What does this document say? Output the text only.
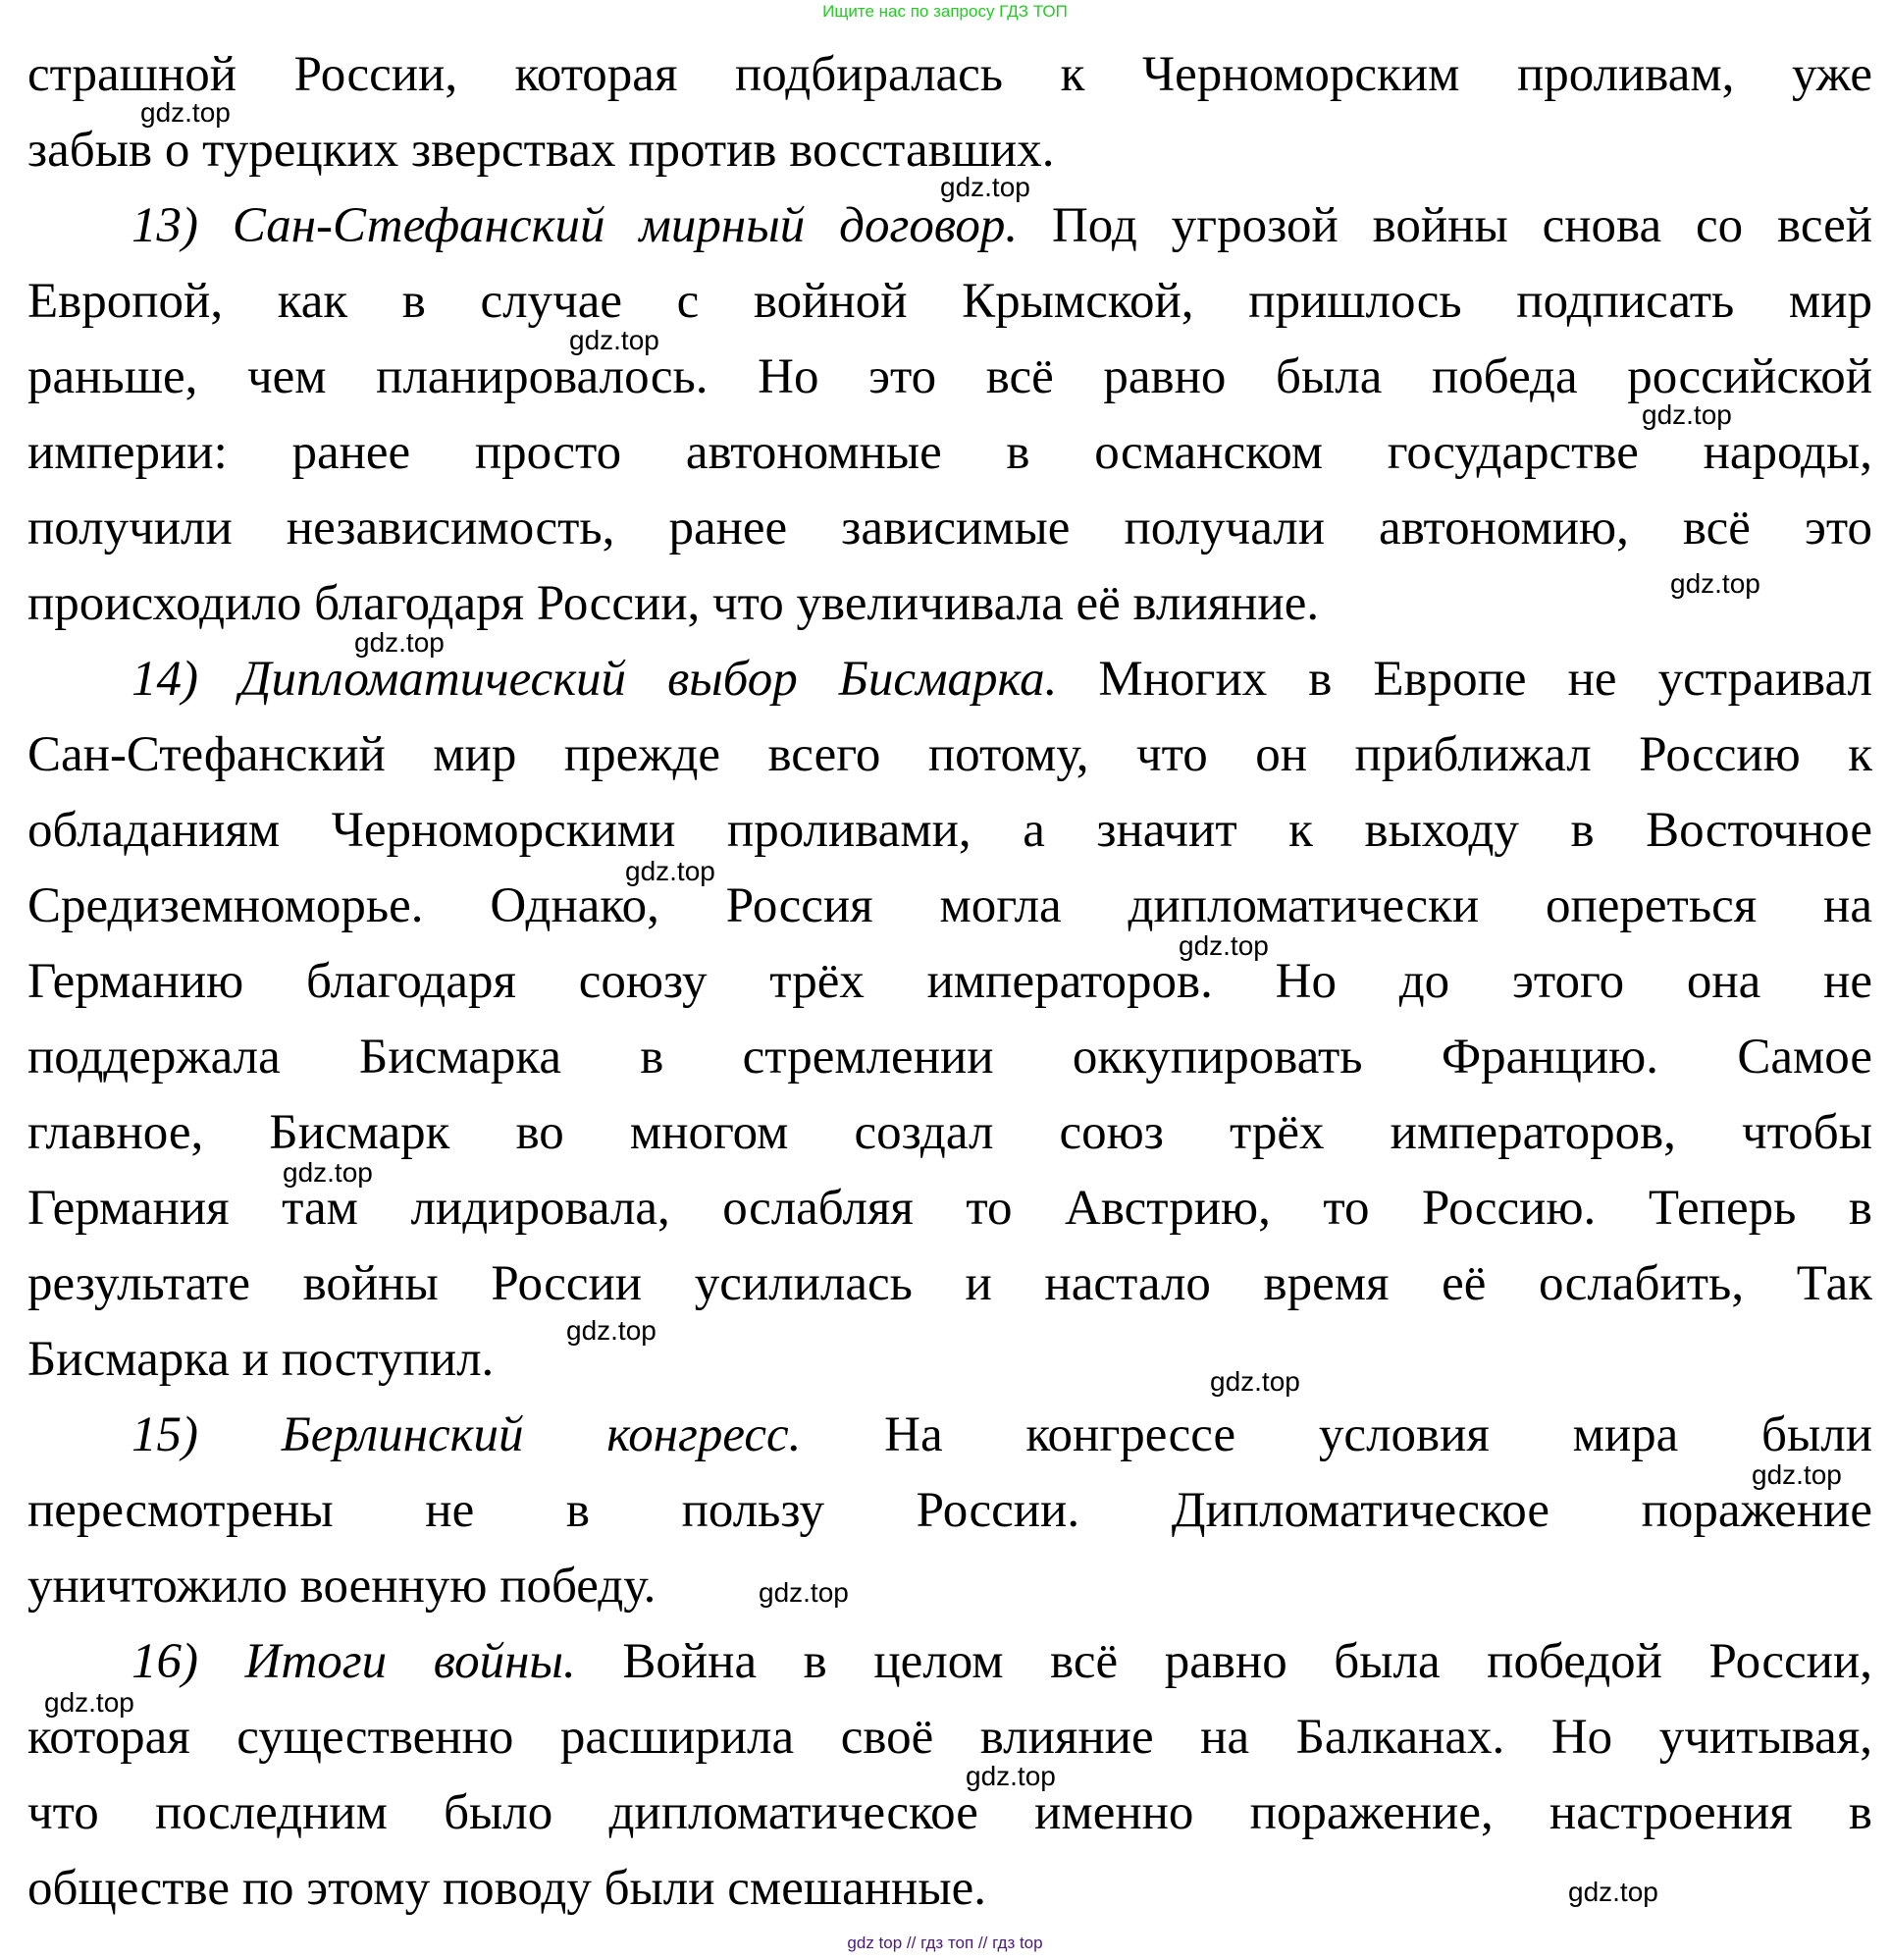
Ищите нас по запросу ГДЗ ТОП
страшной России, которая подбиралась к Черноморским проливам, уже
забыв о турецких зверствах против восставших.
13) Сан-Стефанский мирный договор. Под угрозой войны снова со всей
Европой, как в случае с войной Крымской, пришлось подписать мир
раньше, чем планировалось. Но это всё равно была победа российской
империи: ранее просто автономные в османском государстве народы,
получили независимость, ранее зависимые получали автономию, всё это
происходило благодаря России, что увеличивала её влияние.
14) Дипломатический выбор Бисмарка. Многих в Европе не устраивал
Сан-Стефанский мир прежде всего потому, что он приближал Россию к
обладаниям Черноморскими проливами, а значит к выходу в Восточное
Средиземноморье. Однако, Россия могла дипломатически опереться на
Германию благодаря союзу трёх императоров. Но до этого она не
поддержала Бисмарка в стремлении оккупировать Францию. Самое
главное, Бисмарк во многом создал союз трёх императоров, чтобы
Германия там лидировала, ослабляя то Австрию, то Россию. Теперь в
результате войны России усилилась и настало время её ослабить, Так
Бисмарка и поступил.
15) Берлинский конгресс. На конгрессе условия мира были
пересмотрены не в пользу России. Дипломатическое поражение
уничтожило военную победу.
16) Итоги войны. Война в целом всё равно была победой России,
которая существенно расширила своё влияние на Балканах. Но учитывая,
что последним было дипломатическое именно поражение, настроения в
обществе по этому поводу были смешанные.
gdz.top
gdz.top
gdz.top
gdz.top
gdz.top
gdz.top
gdz.top
gdz.top
gdz.top
gdz.top
gdz.top
gdz.top
gdz.top
gdz.top
gdz.top
gdz.top
gdz top // гдз топ // гдз top
